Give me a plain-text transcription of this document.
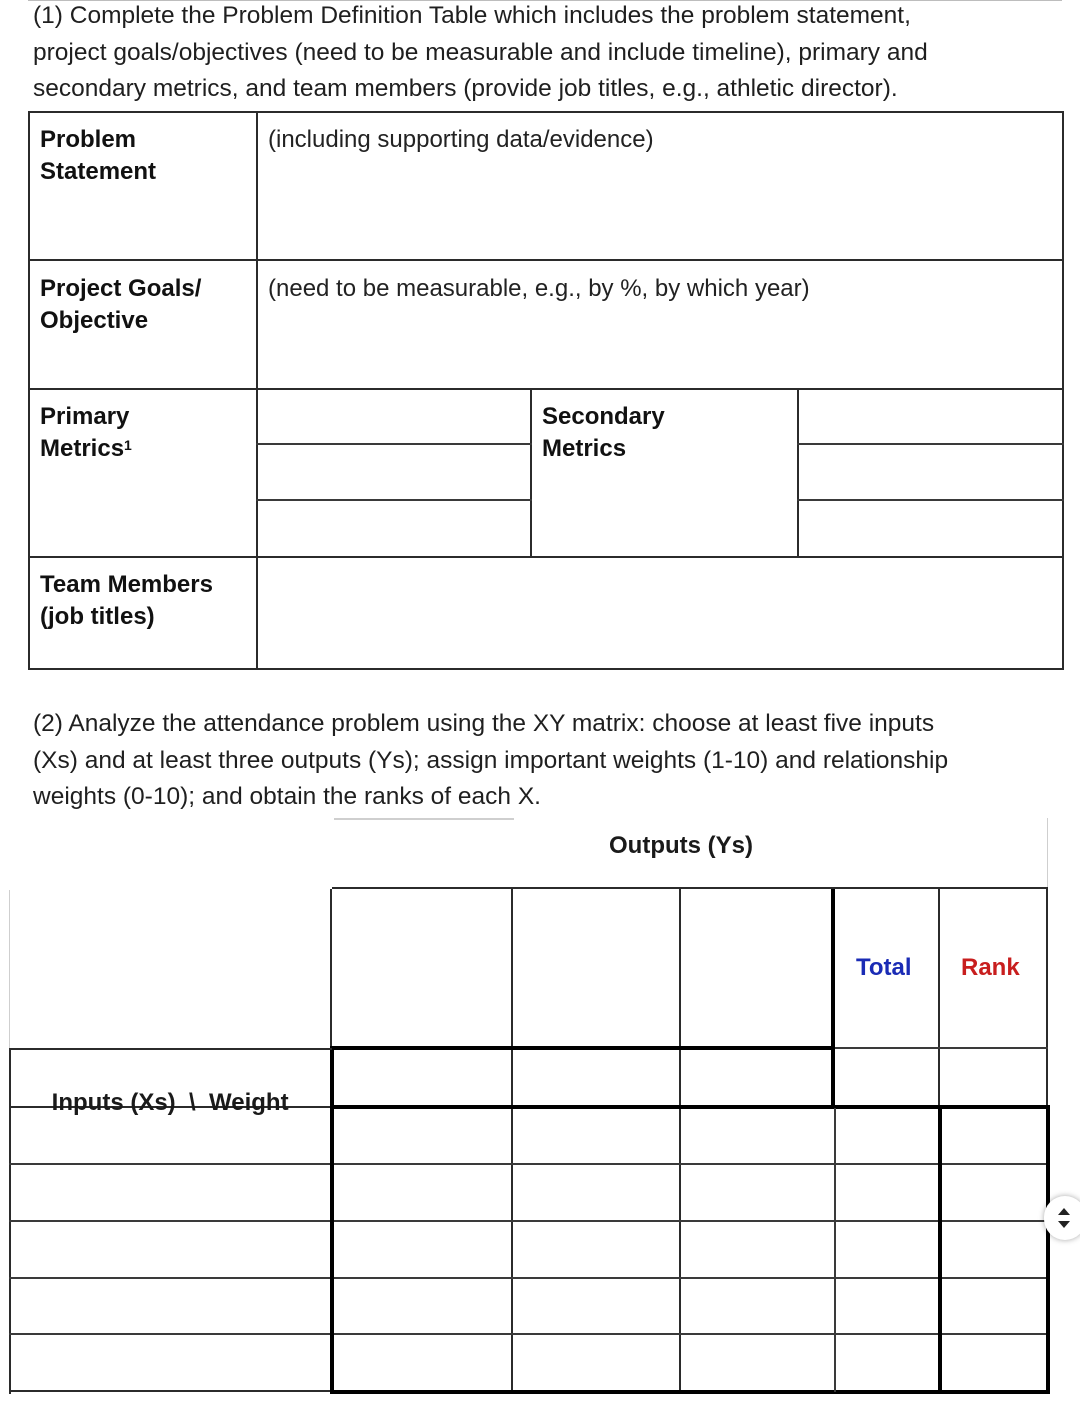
(1) Complete the Problem Definition Table which includes the problem statement,
project goals/objectives (need to be measurable and include timeline), primary and
secondary metrics, and team members (provide job titles, e.g., athletic director).
Problem
Statement
(including supporting data/evidence)
Project Goals/
Objective
(need to be measurable, e.g., by %, by which year)
Primary
Metrics$^1$
Secondary
Metrics
Team Members
(job titles)
(2) Analyze the attendance problem using the XY matrix: choose at least five inputs
(Xs) and at least three outputs (Ys); assign important weights (1-10) and relationship
weights (0-10); and obtain the ranks of each X.
Outputs (Ys)
Total Rank

Inputs (Xs) \ Weight
